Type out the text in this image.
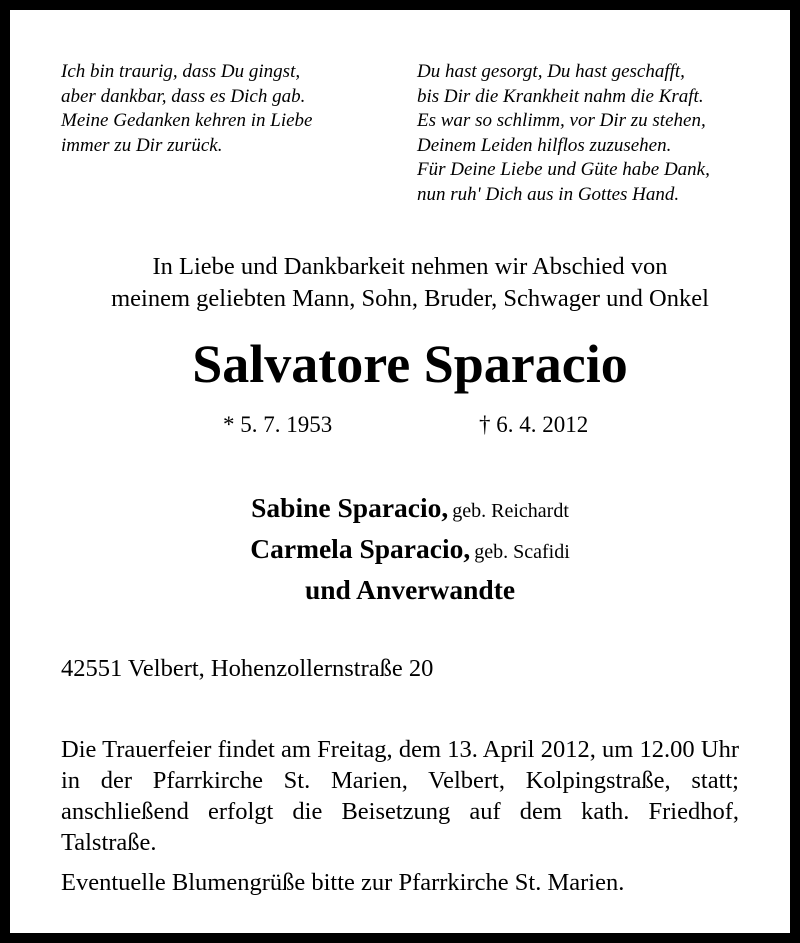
Ich bin traurig, dass Du gingst,
aber dankbar, dass es Dich gab.
Meine Gedanken kehren in Liebe
immer zu Dir zurück.
Du hast gesorgt, Du hast geschafft,
bis Dir die Krankheit nahm die Kraft.
Es war so schlimm, vor Dir zu stehen,
Deinem Leiden hilflos zuzusehen.
Für Deine Liebe und Güte habe Dank,
nun ruh' Dich aus in Gottes Hand.
In Liebe und Dankbarkeit nehmen wir Abschied von
meinem geliebten Mann, Sohn, Bruder, Schwager und Onkel
Salvatore Sparacio
* 5. 7. 1953	† 6. 4. 2012
Sabine Sparacio, geb. Reichardt
Carmela Sparacio, geb. Scafidi
und Anverwandte
42551 Velbert, Hohenzollernstraße 20
Die Trauerfeier findet am Freitag, dem 13. April 2012, um 12.00 Uhr in der Pfarrkirche St. Marien, Velbert, Kolpingstraße, statt; anschließend erfolgt die Beisetzung auf dem kath. Friedhof, Talstraße.
Eventuelle Blumengrüße bitte zur Pfarrkirche St. Marien.
